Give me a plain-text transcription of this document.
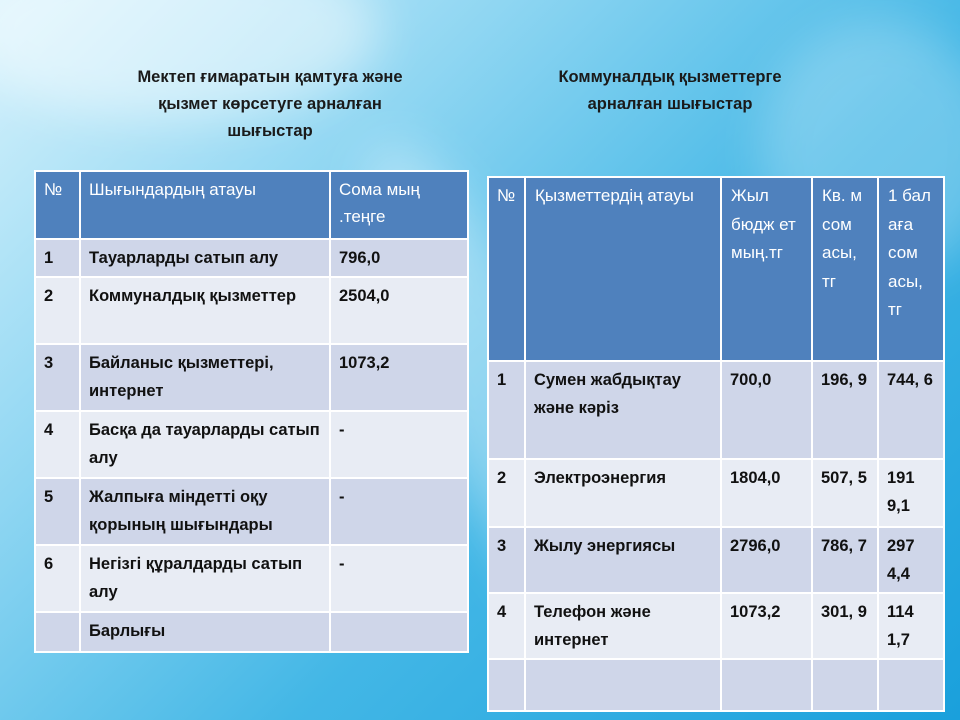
Мектеп ғимаратын қамтуға және
қызмет көрсетуге арналған
шығыстар
Коммуналдық қызметтерге
арналған шығыстар
№	Шығындардың атауы	Сома мың .теңге
1	Тауарларды сатып алу	796,0
2	Коммуналдық қызметтер	2504,0
3	Байланыс қызметтері, интернет	1073,2
4	Басқа да тауарларды сатып алу	-
5	Жалпыға міндетті оқу қорының шығындары	-
6	Негізгі құралдарды сатып алу	-
	Барлығы	
№	Қызметтердің атауы	Жыл бюдж ет мың.тг	Кв. м сом асы, тг	1 бал аға сом асы, тг
1	Сумен жабдықтау және кәріз	700,0	196, 9	744, 6
2	Электроэнергия	1804,0	507, 5	191 9,1
3	Жылу энергиясы	2796,0	786, 7	297 4,4
4	Телефон және интернет	1073,2	301, 9	114 1,7
